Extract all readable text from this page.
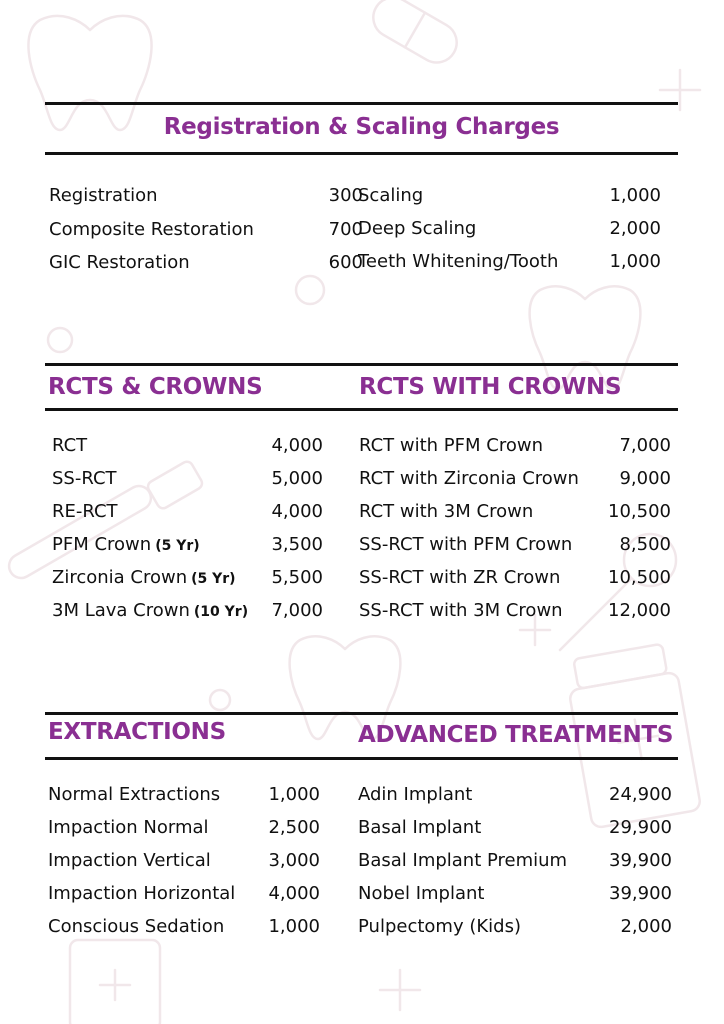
Registration & Scaling Charges
Registration	300
Composite Restoration	700
GIC Restoration	600
Scaling	1,000
Deep Scaling	2,000
Teeth Whitening/Tooth	1,000
RCTS & CROWNS	RCTS WITH CROWNS
RCT	4,000
SS-RCT	5,000
RE-RCT	4,000
PFM Crown (5 Yr)	3,500
Zirconia Crown (5 Yr)	5,500
3M Lava Crown (10 Yr)	7,000
RCT with PFM Crown	7,000
RCT with Zirconia Crown	9,000
RCT with 3M Crown	10,500
SS-RCT with PFM Crown	8,500
SS-RCT with ZR Crown	10,500
SS-RCT with 3M Crown	12,000
EXTRACTIONS	ADVANCED TREATMENTS
Normal Extractions	1,000
Impaction Normal	2,500
Impaction Vertical	3,000
Impaction Horizontal	4,000
Conscious Sedation	1,000
Adin Implant	24,900
Basal Implant	29,900
Basal Implant Premium	39,900
Nobel Implant	39,900
Pulpectomy (Kids)	2,000
